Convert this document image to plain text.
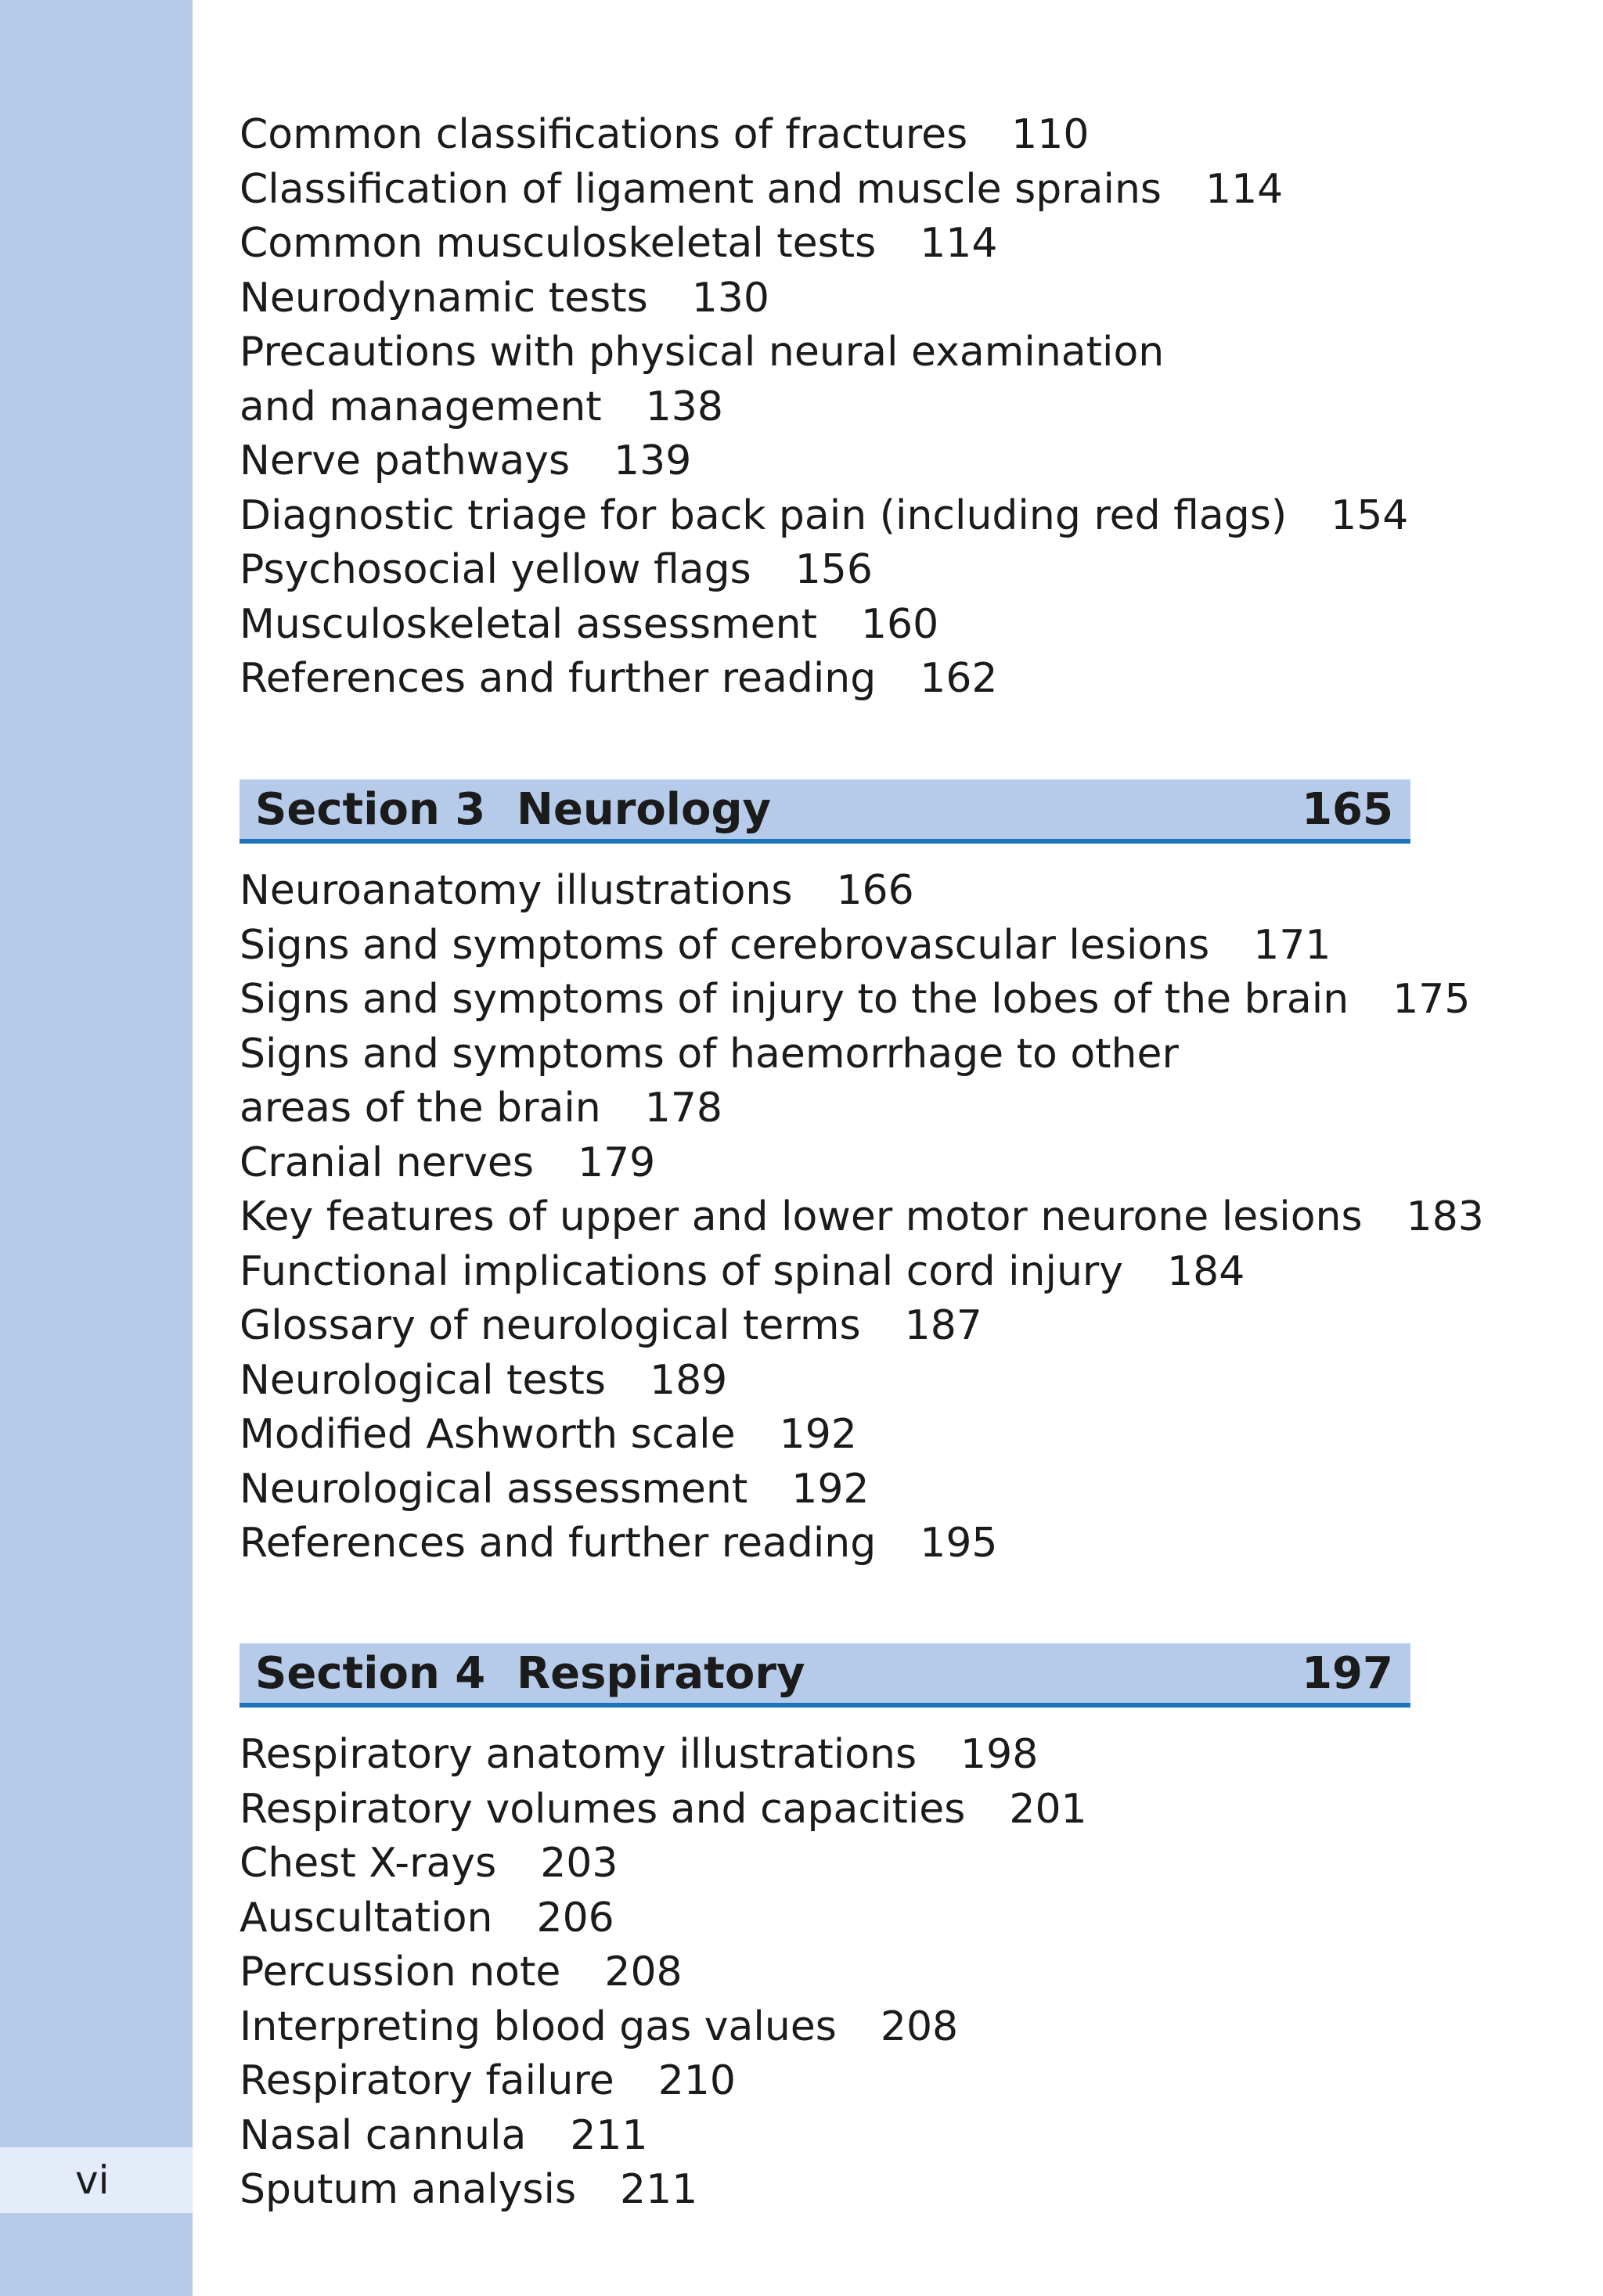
vi
Common classifications of fractures 110
Classification of ligament and muscle sprains 114
Common musculoskeletal tests 114
Neurodynamic tests 130
Precautions with physical neural examination
and management 138
Nerve pathways 139
Diagnostic triage for back pain (including red flags) 154
Psychosocial yellow flags 156
Musculoskeletal assessment 160
References and further reading 162
Section 3 Neurology	165
Neuroanatomy illustrations 166
Signs and symptoms of cerebrovascular lesions 171
Signs and symptoms of injury to the lobes of the brain 175
Signs and symptoms of haemorrhage to other
areas of the brain 178
Cranial nerves 179
Key features of upper and lower motor neurone lesions 183
Functional implications of spinal cord injury 184
Glossary of neurological terms 187
Neurological tests 189
Modified Ashworth scale 192
Neurological assessment 192
References and further reading 195
Section 4 Respiratory	197
Respiratory anatomy illustrations 198
Respiratory volumes and capacities 201
Chest X-rays 203
Auscultation 206
Percussion note 208
Interpreting blood gas values 208
Respiratory failure 210
Nasal cannula 211
Sputum analysis 211
